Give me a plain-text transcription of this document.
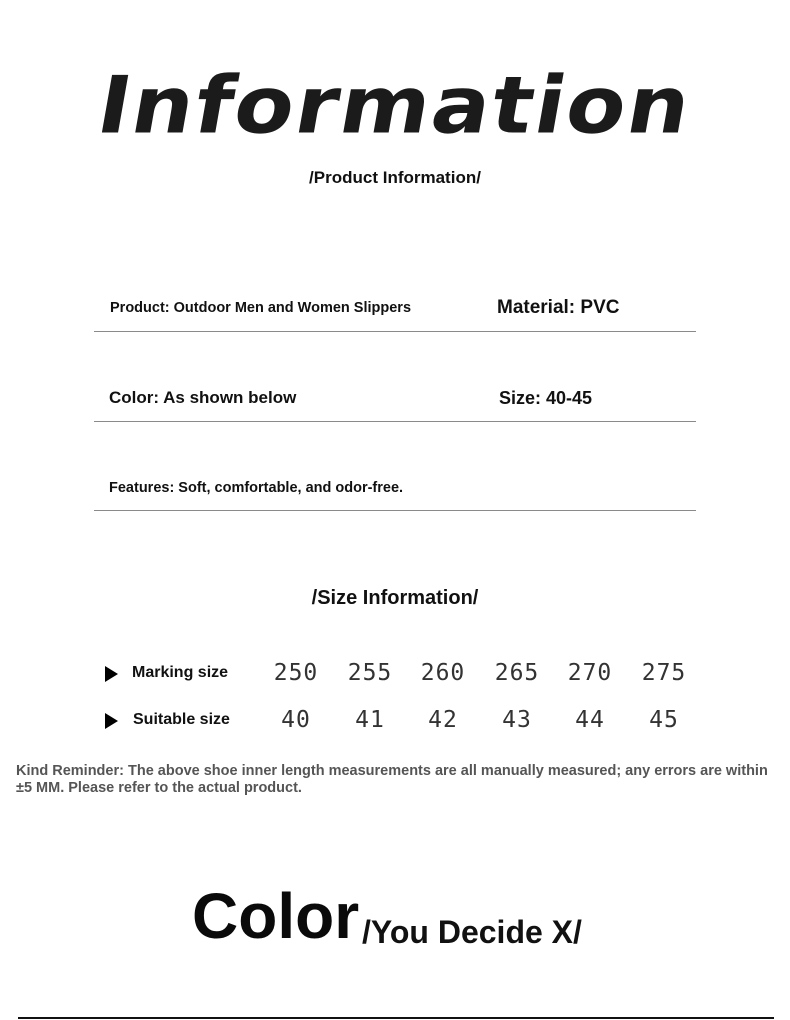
Information
/Product Information/
Product: Outdoor Men and Women Slippers	Material: PVC
Color: As shown below	Size: 40-45
Features: Soft, comfortable, and odor-free.
/Size Information/
Marking size	250	255	260	265	270	275
Suitable size	40	41	42	43	44	45
Kind Reminder: The above shoe inner length measurements are all manually measured; any errors are within ±5 MM. Please refer to the actual product.
Color /You Decide X/
